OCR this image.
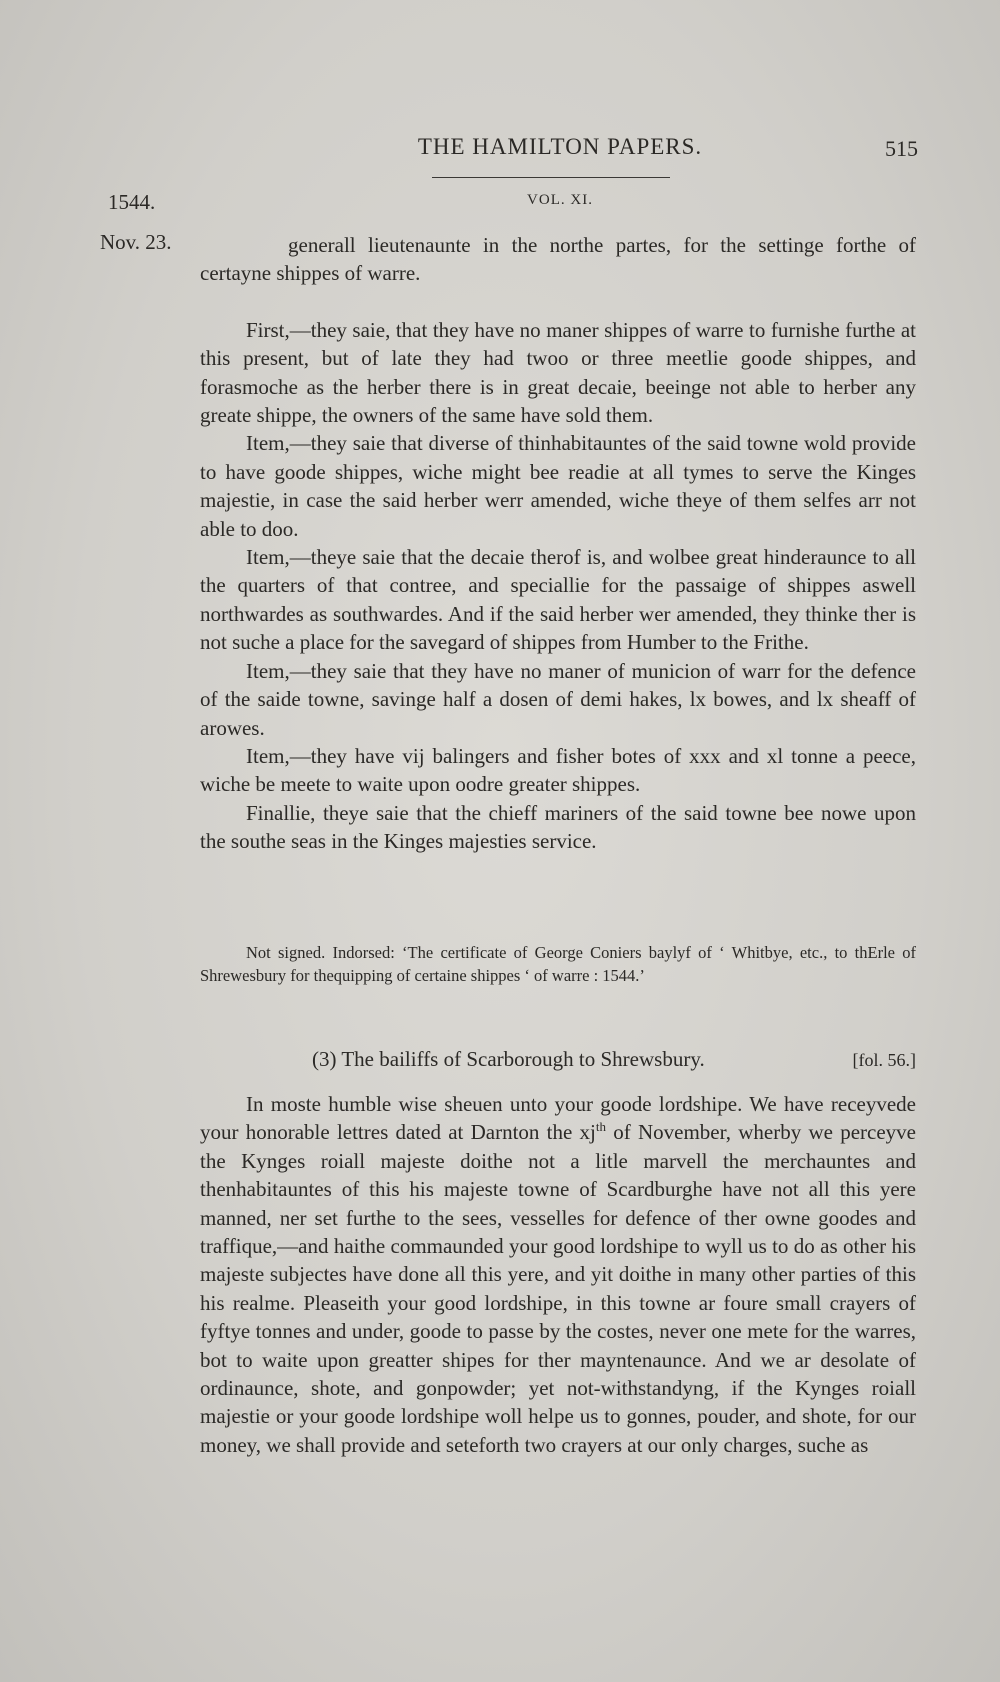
THE HAMILTON PAPERS.	515
1544.	VOL. XI.
Nov. 23.	generall lieutenaunte in the northe partes, for the settinge forthe of certayne shippes of warre.

First,—they saie, that they have no maner shippes of warre to furnishe furthe at this present, but of late they had twoo or three meetlie goode shippes, and forasmoche as the herber there is in great decaie, beeinge not able to herber any greate shippe, the owners of the same have sold them.

Item,—they saie that diverse of thinhabitauntes of the said towne wold provide to have goode shippes, wiche might bee readie at all tymes to serve the Kinges majestie, in case the said herber werr amended, wiche theye of them selfes arr not able to doo.

Item,—theye saie that the decaie therof is, and wolbee great hinderaunce to all the quarters of that contree, and speciallie for the passaige of shippes aswell northwardes as southwardes. And if the said herber wer amended, they thinke ther is not suche a place for the savegard of shippes from Humber to the Frithe.

Item,—they saie that they have no maner of municion of warr for the defence of the saide towne, savinge half a dosen of demi hakes, lx bowes, and lx sheaff of arowes.

Item,—they have vij balingers and fisher botes of xxx and xl tonne a peece, wiche be meete to waite upon oodre greater shippes.

Finallie, theye saie that the chieff mariners of the said towne bee nowe upon the southe seas in the Kinges majesties service.

Not signed. Indorsed: ‘The certificate of George Coniers baylyf of ‘ Whitbye, etc., to thErle of Shrewesbury for thequipping of certaine shippes ‘ of warre : 1544.’

(3) The bailiffs of Scarborough to Shrewsbury.	[fol. 56.]

In moste humble wise sheuen unto your goode lordshipe. We have receyvede your honorable lettres dated at Darnton the $xj^{th}$ of November, wherby we perceyve the Kynges roiall majeste doithe not a litle marvell the merchauntes and thenhabitauntes of this his majeste towne of Scardburghe have not all this yere manned, ner set furthe to the sees, vesselles for defence of ther owne goodes and traffique,—and haithe commaunded your good lordshipe to wyll us to do as other his majeste subjectes have done all this yere, and yit doithe in many other parties of this his realme. Pleaseith your good lordshipe, in this towne ar foure small crayers of fyftye tonnes and under, goode to passe by the costes, never one mete for the warres, bot to waite upon greatter shipes for ther mayntenaunce. And we ar desolate of ordinaunce, shote, and gonpowder; yet not-withstandyng, if the Kynges roiall majestie or your goode lordshipe woll helpe us to gonnes, pouder, and shote, for our money, we shall provide and seteforth two crayers at our only charges, suche as
